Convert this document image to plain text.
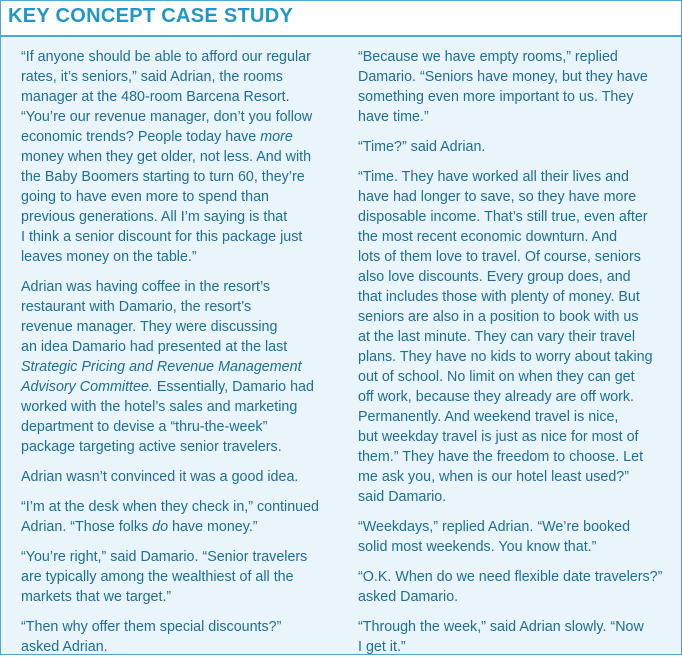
KEY CONCEPT CASE STUDY

“If anyone should be able to afford our regular
rates, it’s seniors,” said Adrian, the rooms
manager at the 480-room Barcena Resort.
“You’re our revenue manager, don’t you follow
economic trends? People today have more
money when they get older, not less. And with
the Baby Boomers starting to turn 60, they’re
going to have even more to spend than
previous generations. All I’m saying is that
I think a senior discount for this package just
leaves money on the table.”

Adrian was having coffee in the resort’s
restaurant with Damario, the resort’s
revenue manager. They were discussing
an idea Damario had presented at the last
Strategic Pricing and Revenue Management
Advisory Committee. Essentially, Damario had
worked with the hotel’s sales and marketing
department to devise a “thru-the-week”
package targeting active senior travelers.

Adrian wasn’t convinced it was a good idea.

“I’m at the desk when they check in,” continued
Adrian. “Those folks do have money.”

“You’re right,” said Damario. “Senior travelers
are typically among the wealthiest of all the
markets that we target.”

“Then why offer them special discounts?”
asked Adrian.

“Because we have empty rooms,” replied
Damario. “Seniors have money, but they have
something even more important to us. They
have time.”

“Time?” said Adrian.

“Time. They have worked all their lives and
have had longer to save, so they have more
disposable income. That’s still true, even after
the most recent economic downturn. And
lots of them love to travel. Of course, seniors
also love discounts. Every group does, and
that includes those with plenty of money. But
seniors are also in a position to book with us
at the last minute. They can vary their travel
plans. They have no kids to worry about taking
out of school. No limit on when they can get
off work, because they already are off work.
Permanently. And weekend travel is nice,
but weekday travel is just as nice for most of
them.” They have the freedom to choose. Let
me ask you, when is our hotel least used?”
said Damario.

“Weekdays,” replied Adrian. “We’re booked
solid most weekends. You know that.”

“O.K. When do we need flexible date travelers?”
asked Damario.

“Through the week,” said Adrian slowly. “Now
I get it.”
